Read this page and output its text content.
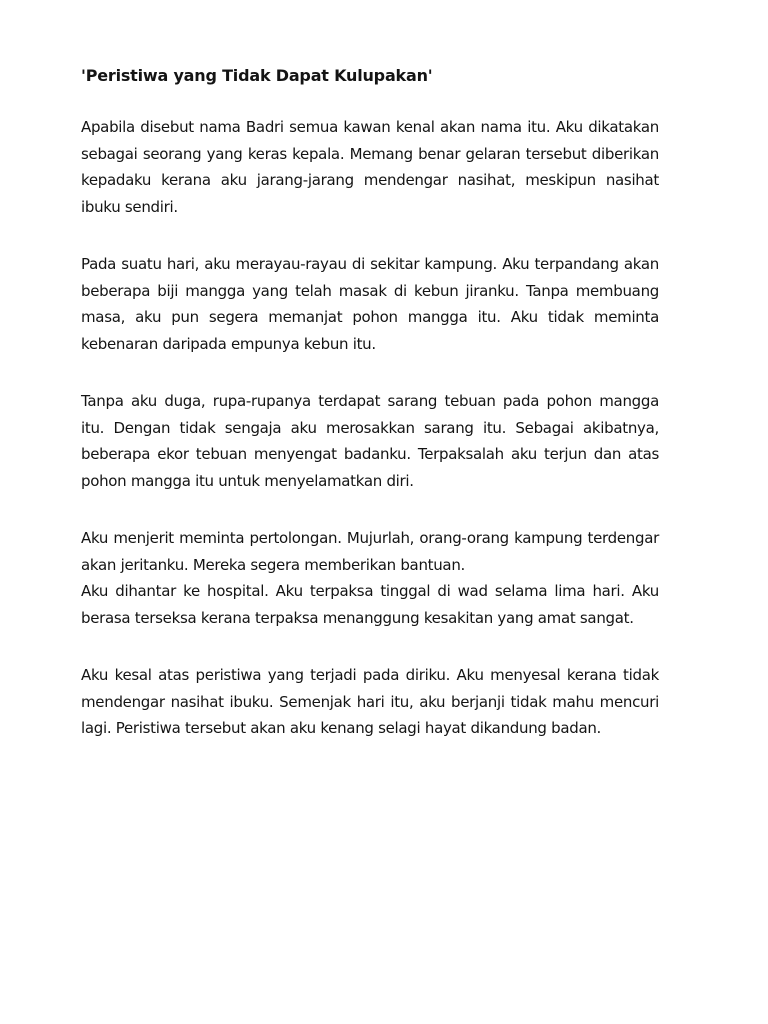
'Peristiwa yang Tidak Dapat Kulupakan'

Apabila disebut nama Badri semua kawan kenal akan nama itu. Aku dikatakan sebagai seorang yang keras kepala. Memang benar gelaran tersebut diberikan kepadaku kerana aku jarang-jarang mendengar nasihat, meskipun nasihat ibuku sendiri.

Pada suatu hari, aku merayau-rayau di sekitar kampung. Aku terpandang akan beberapa biji mangga yang telah masak di kebun jiranku. Tanpa membuang masa, aku pun segera memanjat pohon mangga itu. Aku tidak meminta kebenaran daripada empunya kebun itu.

Tanpa aku duga, rupa-rupanya terdapat sarang tebuan pada pohon mangga itu. Dengan tidak sengaja aku merosakkan sarang itu. Sebagai akibatnya, beberapa ekor tebuan menyengat badanku. Terpaksalah aku terjun dan atas pohon mangga itu untuk menyelamatkan diri.

Aku menjerit meminta pertolongan. Mujurlah, orang-orang kampung terdengar akan jeritanku. Mereka segera memberikan bantuan.

Aku dihantar ke hospital. Aku terpaksa tinggal di wad selama lima hari. Aku berasa terseksa kerana terpaksa menanggung kesakitan yang amat sangat.

Aku kesal atas peristiwa yang terjadi pada diriku. Aku menyesal kerana tidak mendengar nasihat ibuku. Semenjak hari itu, aku berjanji tidak mahu mencuri lagi. Peristiwa tersebut akan aku kenang selagi hayat dikandung badan.
